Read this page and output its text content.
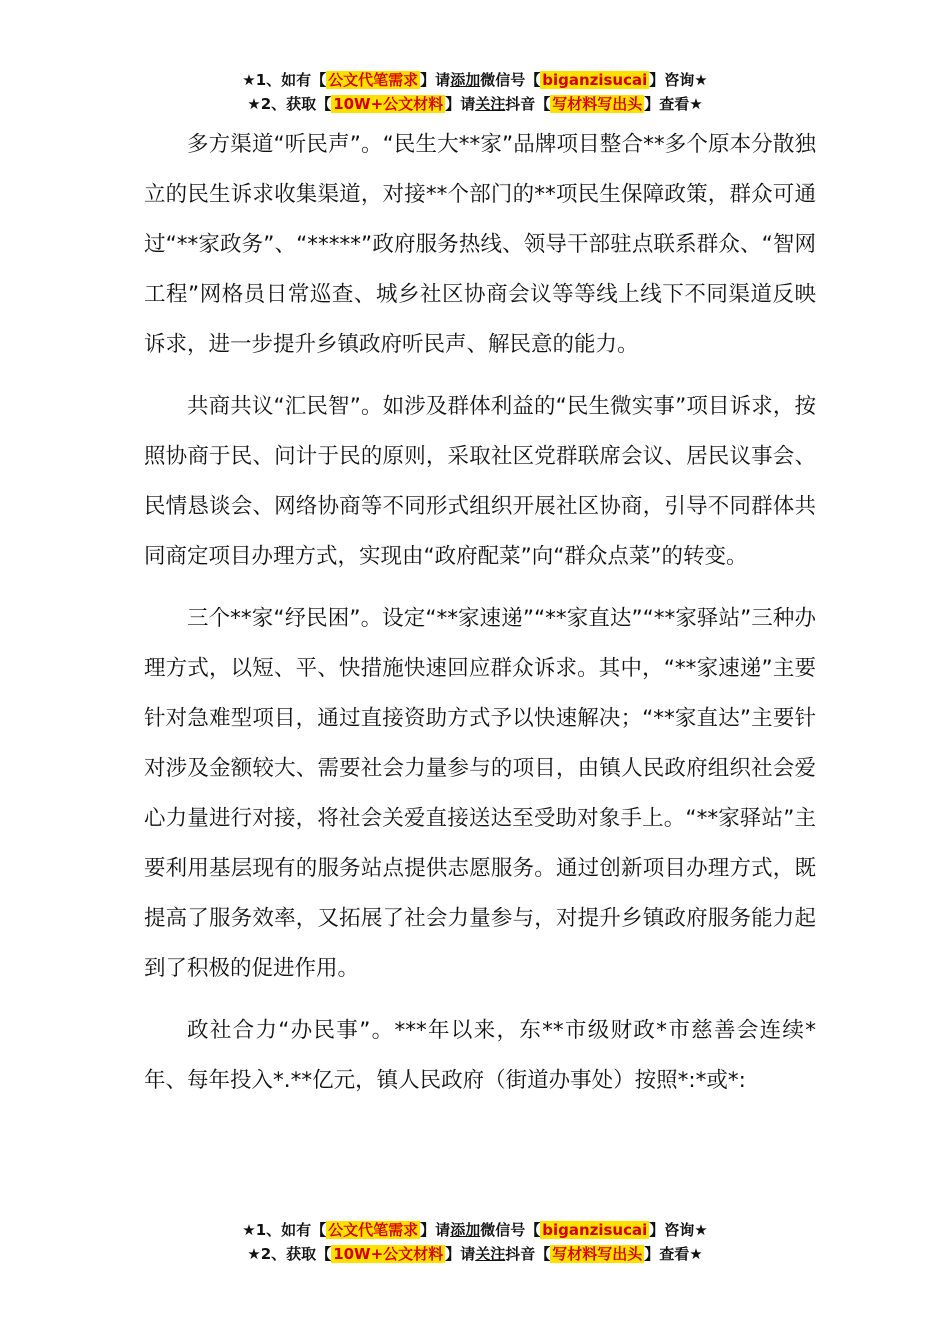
★1、如有【 公文代笔需求 】请添加微信号【 biganzisucai 】咨询★
★2、获取【 10W+公文材料 】请关注抖音【 写材料写出头 】查看★

多方渠道“听民声”。“民生大**家”品牌项目整合**多个原本分散独立的民生诉求收集渠道，对接**个部门的**项民生保障政策，群众可通过“**家政务”、“*****”政府服务热线、领导干部驻点联系群众、“智网工程”网格员日常巡查、城乡社区协商会议等等线上线下不同渠道反映诉求，进一步提升乡镇政府听民声、解民意的能力。

共商共议“汇民智”。如涉及群体利益的“民生微实事”项目诉求，按照协商于民、问计于民的原则，采取社区党群联席会议、居民议事会、民情恳谈会、网络协商等不同形式组织开展社区协商，引导不同群体共同商定项目办理方式，实现由“政府配菜”向“群众点菜”的转变。

三个**家“纾民困”。设定“**家速递”“**家直达”“**家驿站”三种办理方式，以短、平、快措施快速回应群众诉求。其中，“**家速递”主要针对急难型项目，通过直接资助方式予以快速解决；“**家直达”主要针对涉及金额较大、需要社会力量参与的项目，由镇人民政府组织社会爱心力量进行对接，将社会关爱直接送达至受助对象手上。“**家驿站”主要利用基层现有的服务站点提供志愿服务。通过创新项目办理方式，既提高了服务效率，又拓展了社会力量参与，对提升乡镇政府服务能力起到了积极的促进作用。

政社合力“办民事”。***年以来，东**市级财政*市慈善会连续*年、每年投入*.**亿元，镇人民政府（街道办事处）按照*:*或*:

★1、如有【 公文代笔需求 】请添加微信号【 biganzisucai 】咨询★
★2、获取【 10W+公文材料 】请关注抖音【 写材料写出头 】查看★
